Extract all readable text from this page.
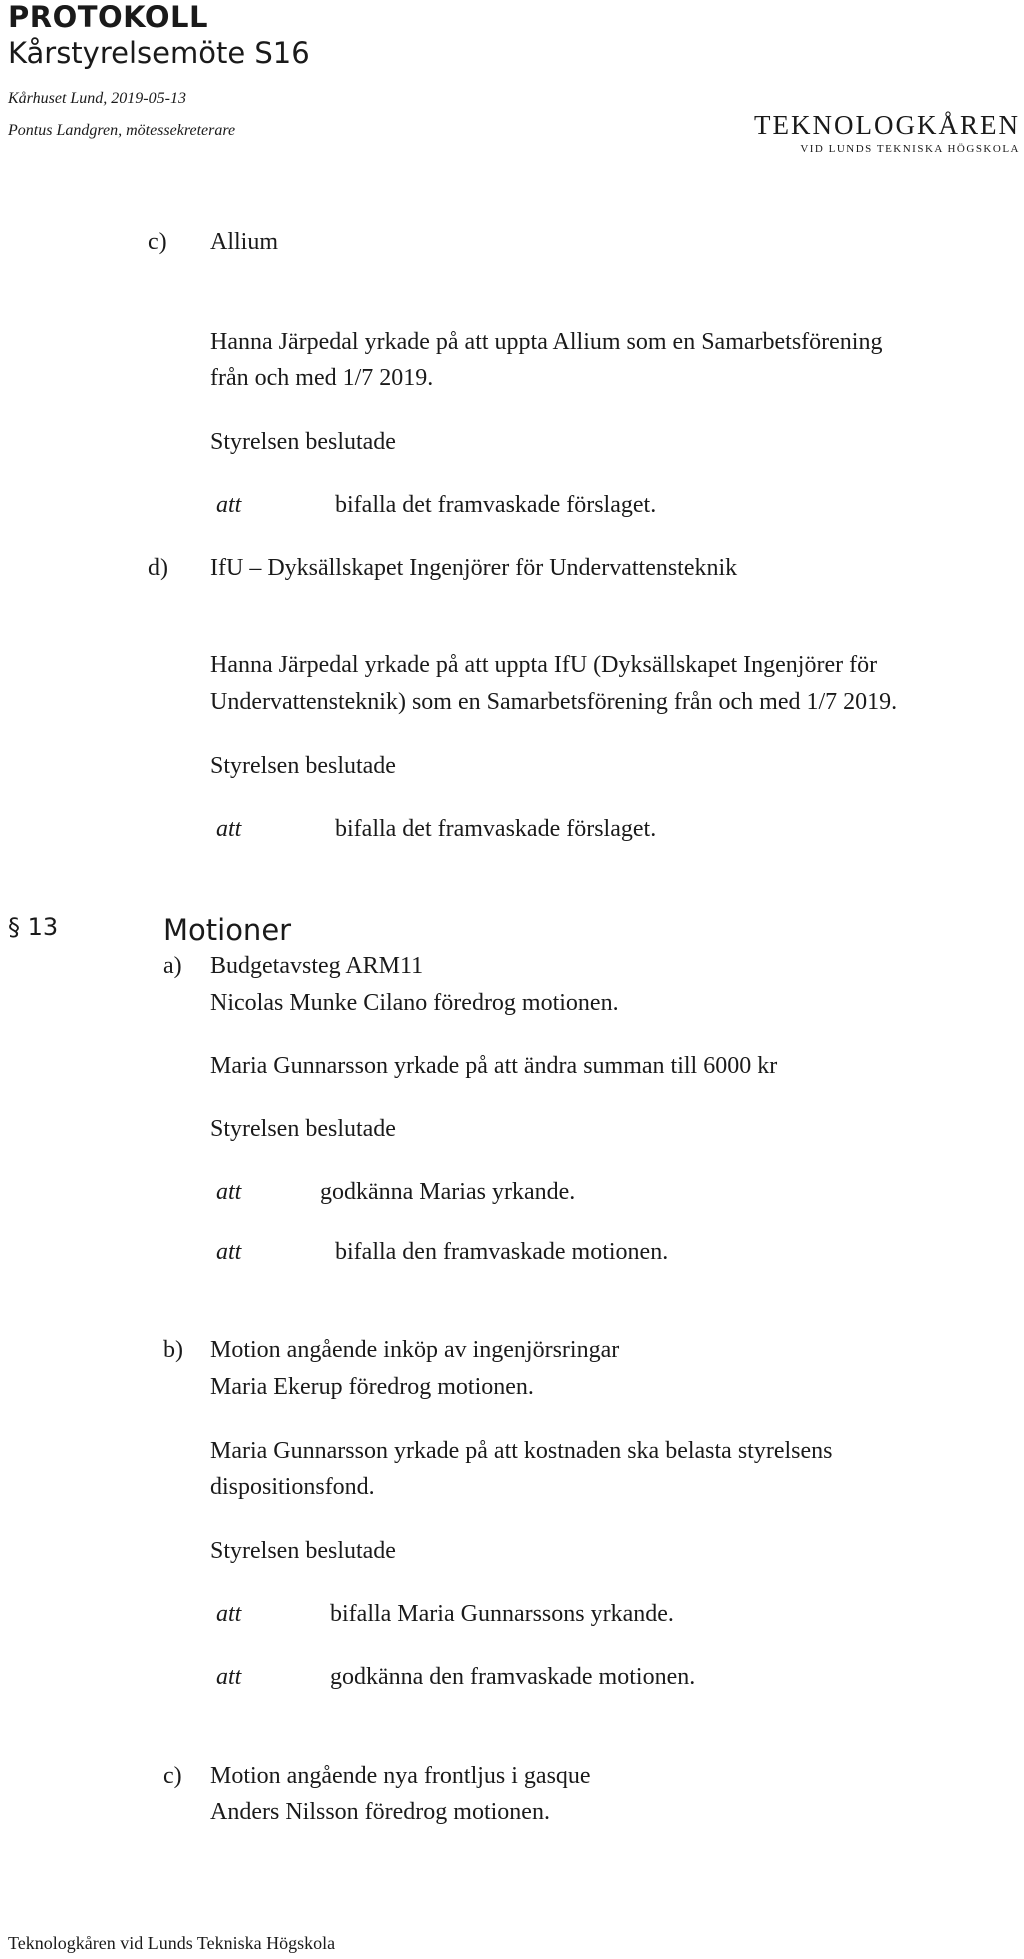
PROTOKOLL
Kårstyrelsemöte S16
Kårhuset Lund, 2019-05-13
Pontus Landgren, mötessekreterare	TEKNOLOGKÅREN
VID LUNDS TEKNISKA HÖGSKOLA
c) Allium
Hanna Järpedal yrkade på att uppta Allium som en Samarbetsförening
från och med 1/7 2019.
Styrelsen beslutade
att	bifalla det framvaskade förslaget.
d) IfU – Dyksällskapet Ingenjörer för Undervattensteknik
Hanna Järpedal yrkade på att uppta IfU (Dyksällskapet Ingenjörer för
Undervattensteknik) som en Samarbetsförening från och med 1/7 2019.
Styrelsen beslutade
att	bifalla det framvaskade förslaget.
§ 13	Motioner
a) Budgetavsteg ARM11
Nicolas Munke Cilano föredrog motionen.
Maria Gunnarsson yrkade på att ändra summan till 6000 kr
Styrelsen beslutade
att	godkänna Marias yrkande.
att	bifalla den framvaskade motionen.
b) Motion angående inköp av ingenjörsringar
Maria Ekerup föredrog motionen.
Maria Gunnarsson yrkade på att kostnaden ska belasta styrelsens
dispositionsfond.
Styrelsen beslutade
att	bifalla Maria Gunnarssons yrkande.
att	godkänna den framvaskade motionen.
c) Motion angående nya frontljus i gasque
Anders Nilsson föredrog motionen.
Teknologkåren vid Lunds Tekniska Högskola
